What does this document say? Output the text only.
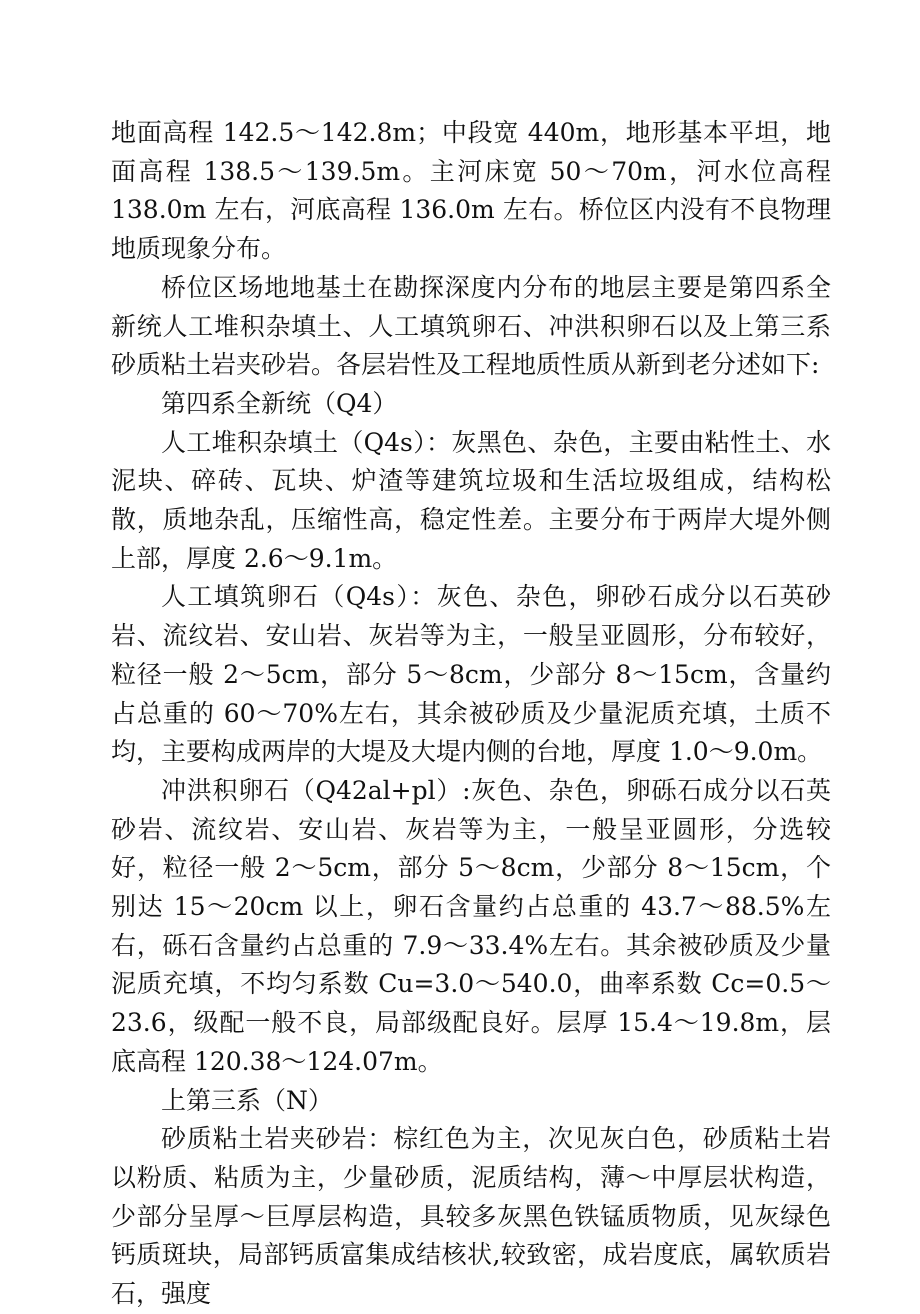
地面高程 142.5～142.8m；中段宽 440m，地形基本平坦，地面高程 138.5～139.5m。主河床宽 50～70m，河水位高程 138.0m 左右，河底高程 136.0m 左右。桥位区内没有不良物理地质现象分布。

桥位区场地地基土在勘探深度内分布的地层主要是第四系全新统人工堆积杂填土、人工填筑卵石、冲洪积卵石以及上第三系砂质粘土岩夹砂岩。各层岩性及工程地质性质从新到老分述如下:

第四系全新统（Q4）

人工堆积杂填土（Q4s）：灰黑色、杂色，主要由粘性土、水泥块、碎砖、瓦块、炉渣等建筑垃圾和生活垃圾组成，结构松散，质地杂乱，压缩性高，稳定性差。主要分布于两岸大堤外侧上部，厚度 2.6～9.1m。

人工填筑卵石（Q4s）：灰色、杂色，卵砂石成分以石英砂岩、流纹岩、安山岩、灰岩等为主，一般呈亚圆形，分布较好，粒径一般 2～5cm，部分 5～8cm，少部分 8～15cm，含量约占总重的 60～70%左右，其余被砂质及少量泥质充填，土质不均，主要构成两岸的大堤及大堤内侧的台地，厚度 1.0～9.0m。

冲洪积卵石（Q42al+pl）:灰色、杂色，卵砾石成分以石英砂岩、流纹岩、安山岩、灰岩等为主，一般呈亚圆形，分选较好，粒径一般 2～5cm，部分 5～8cm，少部分 8～15cm，个别达 15～20cm 以上，卵石含量约占总重的 43.7～88.5%左右，砾石含量约占总重的 7.9～33.4%左右。其余被砂质及少量泥质充填，不均匀系数 Cu=3.0～540.0，曲率系数 Cc=0.5～23.6，级配一般不良，局部级配良好。层厚 15.4～19.8m，层底高程 120.38～124.07m。

上第三系（N）

砂质粘土岩夹砂岩：棕红色为主，次见灰白色，砂质粘土岩以粉质、粘质为主，少量砂质，泥质结构，薄～中厚层状构造，少部分呈厚～巨厚层构造，具较多灰黑色铁锰质物质，见灰绿色钙质斑块，局部钙质富集成结核状,较致密，成岩度底，属软质岩石，强度
